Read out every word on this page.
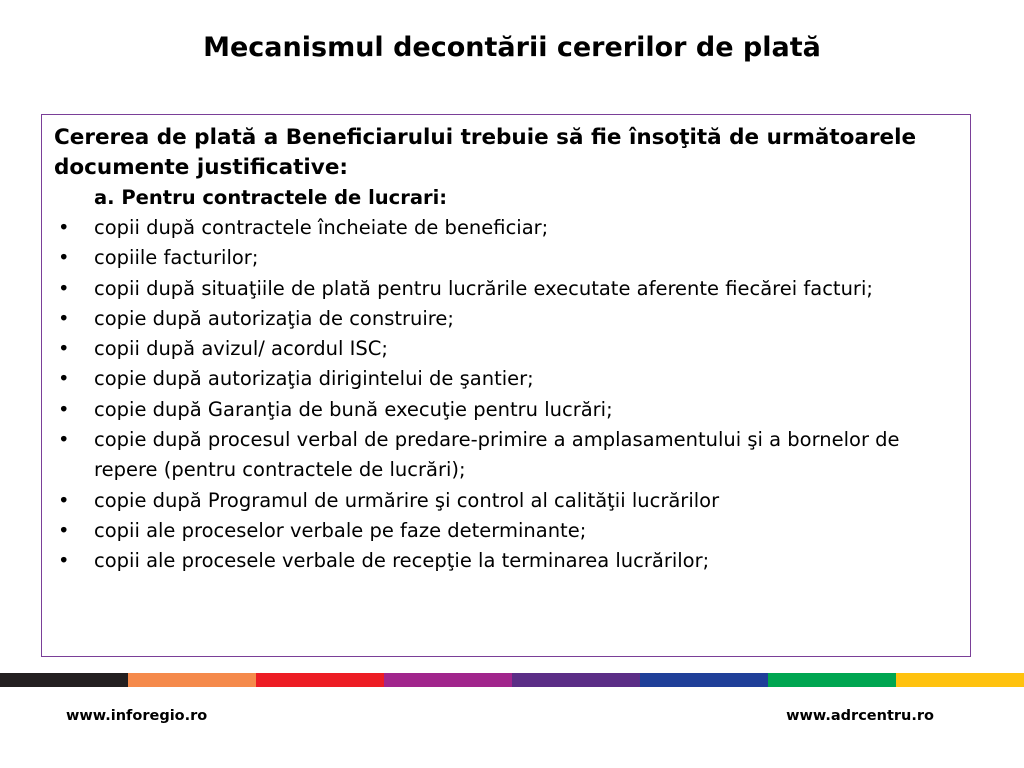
Mecanismul decontării cererilor de plată

Cererea de plată a Beneficiarului trebuie să fie însoţită de următoarele documente justificative:

a. Pentru contractele de lucrari:

• copii după contractele încheiate de beneficiar;
• copiile facturilor;
• copii după situaţiile de plată pentru lucrările executate aferente fiecărei facturi;
• copie după autorizaţia de construire;
• copii după avizul/ acordul ISC;
• copie după autorizaţia dirigintelui de şantier;
• copie după Garanţia de bună execuţie pentru lucrări;
• copie după procesul verbal de predare-primire a amplasamentului şi a bornelor de repere (pentru contractele de lucrări);
• copie după Programul de urmărire şi control al calităţii lucrărilor
• copii ale proceselor verbale pe faze determinante;
• copii ale procesele verbale de recepţie la terminarea lucrărilor;
www.inforegio.ro	www.adrcentru.ro
